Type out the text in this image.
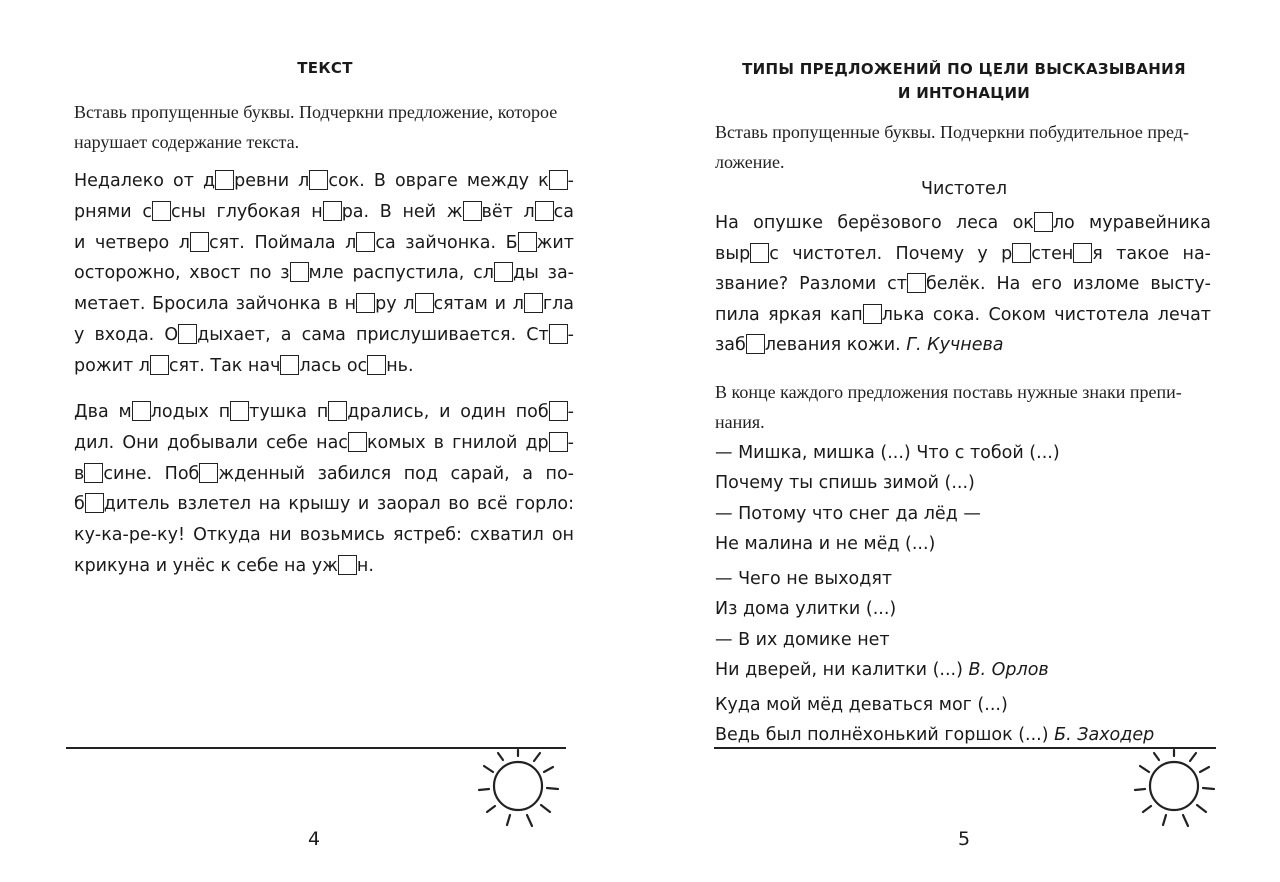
ТЕКСТ
Вставь пропущенные буквы. Подчеркни предложение, которое
нарушает содержание текста.
Недалеко от д ревни л сок. В овраге между к -
рнями с сны глубокая н ра. В ней ж вёт л са
и четверо л сят. Поймала л са зайчонка. Б жит
осторожно, хвост по з мле распустила, сл ды за-
метает. Бросила зайчонка в н ру л сятам и л гла
у входа. О дыхает, а сама прислушивается. Ст -
рожит л сят. Так нач лась ос нь.
Два м лодых п тушка п дрались, и один поб -
дил. Они добывали себе нас комых в гнилой др -
в сине. Поб жденный забился под сарай, а по-
б дитель взлетел на крышу и заорал во всё горло:
ку-ка-ре-ку! Откуда ни возьмись ястреб: схватил он
крикуна и унёс к себе на уж н.
4
ТИПЫ ПРЕДЛОЖЕНИЙ ПО ЦЕЛИ ВЫСКАЗЫВАНИЯ
И ИНТОНАЦИИ
Вставь пропущенные буквы. Подчеркни побудительное пред-
ложение.
Чистотел
На опушке берёзового леса ок ло муравейника
выр с чистотел. Почему у р стен я такое на-
звание? Разломи ст белёк. На его изломе высту-
пила яркая кап лька сока. Соком чистотела лечат
заб левания кожи. Г. Кучнева
В конце каждого предложения поставь нужные знаки препи-
нания.
— Мишка, мишка (...) Что с тобой (...)
Почему ты спишь зимой (...)
— Потому что снег да лёд —
Не малина и не мёд (...)
— Чего не выходят
Из дома улитки (...)
— В их домике нет
Ни дверей, ни калитки (...) В. Орлов
Куда мой мёд деваться мог (...)
Ведь был полнёхонький горшок (...) Б. Заходер
5
